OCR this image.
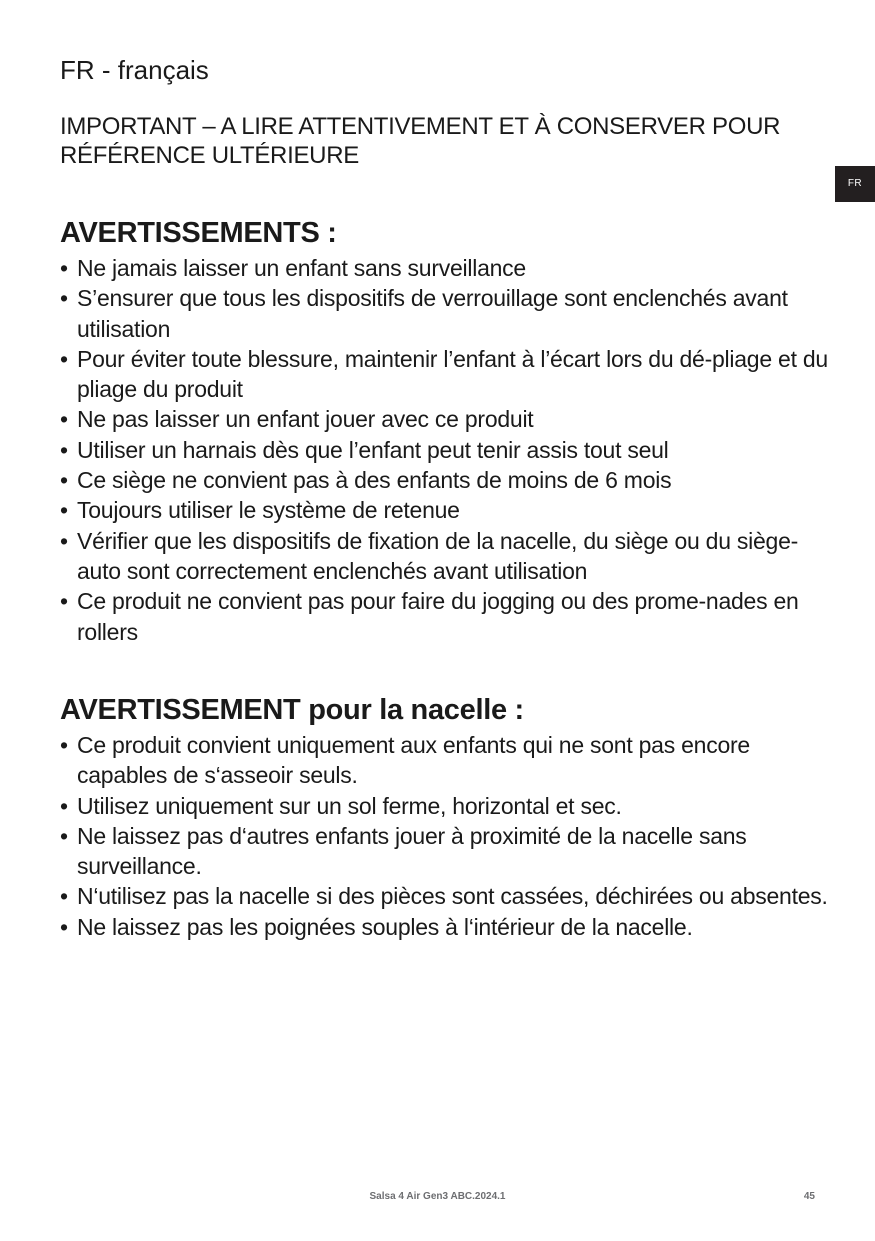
FR - français
IMPORTANT – A LIRE ATTENTIVEMENT ET À CONSERVER POUR RÉFÉRENCE ULTÉRIEURE
FR
AVERTISSEMENTS :
• Ne jamais laisser un enfant sans surveillance
• S’ensurer que tous les dispositifs de verrouillage sont enclenchés avant utilisation
• Pour éviter toute blessure, maintenir l’enfant à l’écart lors du dé-pliage et du pliage du produit
• Ne pas laisser un enfant jouer avec ce produit
• Utiliser un harnais dès que l’enfant peut tenir assis tout seul
• Ce siège ne convient pas à des enfants de moins de 6 mois
• Toujours utiliser le système de retenue
• Vérifier que les dispositifs de fixation de la nacelle, du siège ou du siège-auto sont correctement enclenchés avant utilisation
• Ce produit ne convient pas pour faire du jogging ou des prome-nades en rollers
AVERTISSEMENT pour la nacelle :
• Ce produit convient uniquement aux enfants qui ne sont pas encore capables de s‘asseoir seuls.
• Utilisez uniquement sur un sol ferme, horizontal et sec.
• Ne laissez pas d‘autres enfants jouer à proximité de la nacelle sans surveillance.
• N‘utilisez pas la nacelle si des pièces sont cassées, déchirées ou absentes.
• Ne laissez pas les poignées souples à l‘intérieur de la nacelle.
Salsa 4 Air Gen3 ABC.2024.1	45
